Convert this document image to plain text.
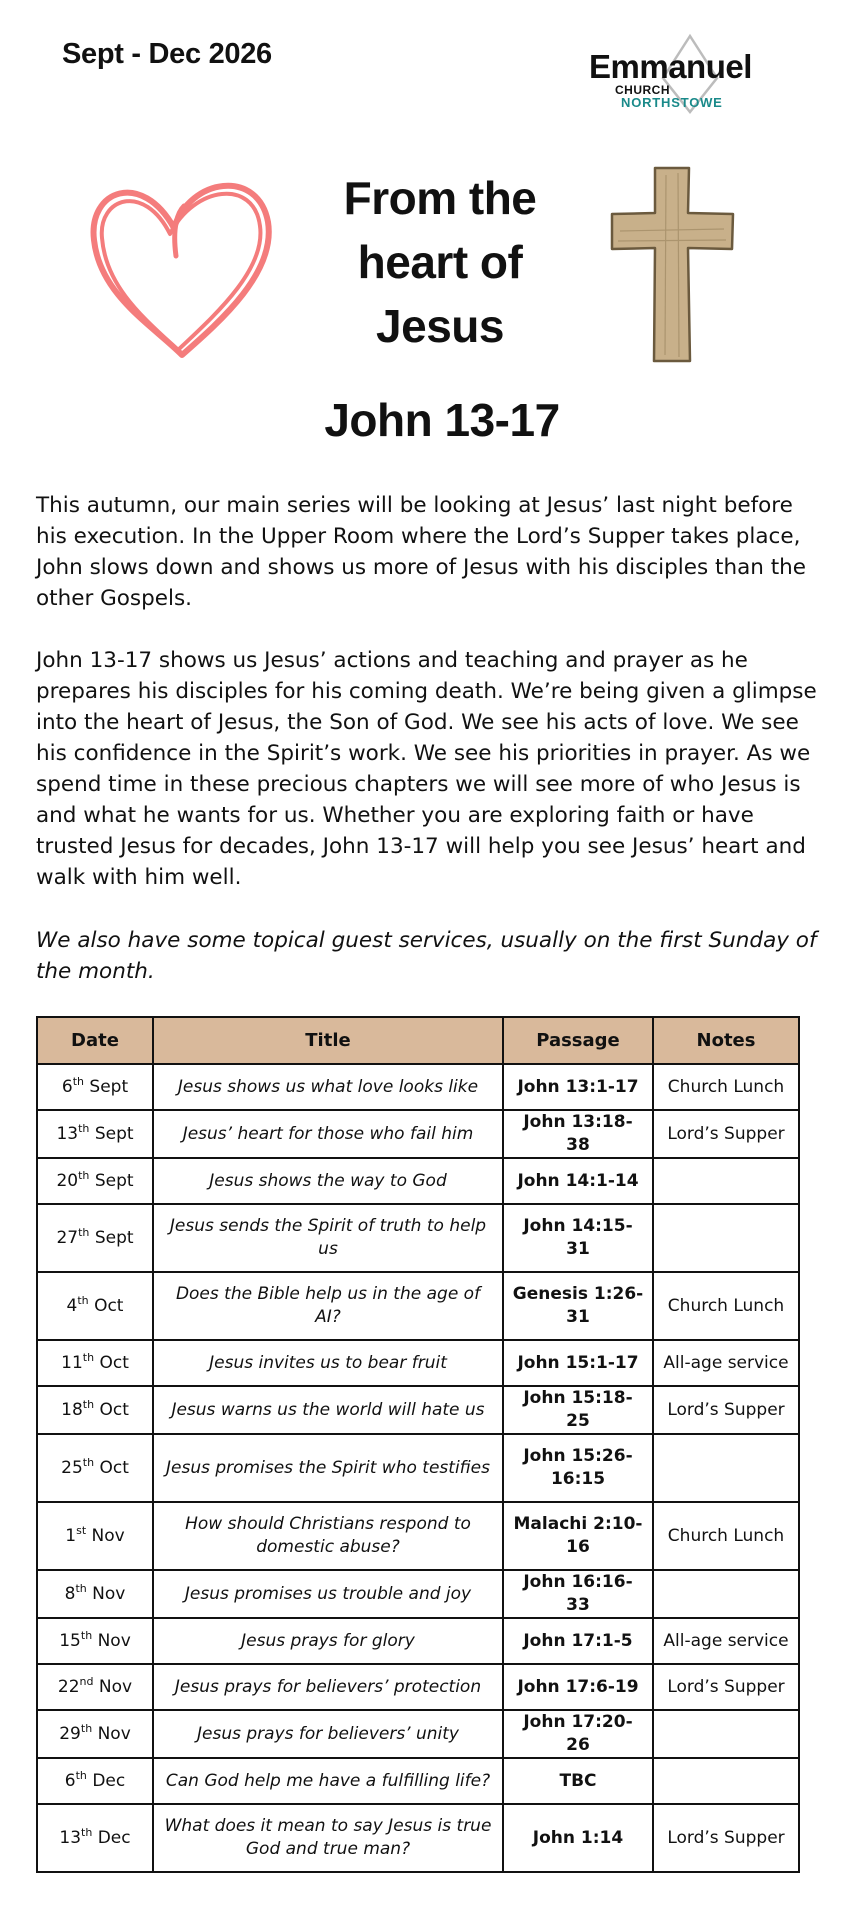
Sept - Dec 2026	Emmanuel
CHURCH
NORTHSTOWE
From the
heart of
Jesus
John 13-17

This autumn, our main series will be looking at Jesus’ last night before his execution. In the Upper Room where the Lord’s Supper takes place, John slows down and shows us more of Jesus with his disciples than the other Gospels.

John 13-17 shows us Jesus’ actions and teaching and prayer as he prepares his disciples for his coming death. We’re being given a glimpse into the heart of Jesus, the Son of God. We see his acts of love. We see his confidence in the Spirit’s work. We see his priorities in prayer. As we spend time in these precious chapters we will see more of who Jesus is and what he wants for us. Whether you are exploring faith or have trusted Jesus for decades, John 13-17 will help you see Jesus’ heart and walk with him well.

We also have some topical guest services, usually on the first Sunday of the month.

Date	Title	Passage	Notes
6th Sept	Jesus shows us what love looks like	John 13:1-17	Church Lunch
13th Sept	Jesus’ heart for those who fail him	John 13:18-38	Lord’s Supper
20th Sept	Jesus shows the way to God	John 14:1-14	
27th Sept	Jesus sends the Spirit of truth to help us	John 14:15-31	
4th Oct	Does the Bible help us in the age of AI?	Genesis 1:26-31	Church Lunch
11th Oct	Jesus invites us to bear fruit	John 15:1-17	All-age service
18th Oct	Jesus warns us the world will hate us	John 15:18-25	Lord’s Supper
25th Oct	Jesus promises the Spirit who testifies	John 15:26-16:15	
1st Nov	How should Christians respond to domestic abuse?	Malachi 2:10-16	Church Lunch
8th Nov	Jesus promises us trouble and joy	John 16:16-33	
15th Nov	Jesus prays for glory	John 17:1-5	All-age service
22nd Nov	Jesus prays for believers’ protection	John 17:6-19	Lord’s Supper
29th Nov	Jesus prays for believers’ unity	John 17:20-26	
6th Dec	Can God help me have a fulfilling life?	TBC	
13th Dec	What does it mean to say Jesus is true God and true man?	John 1:14	Lord’s Supper
